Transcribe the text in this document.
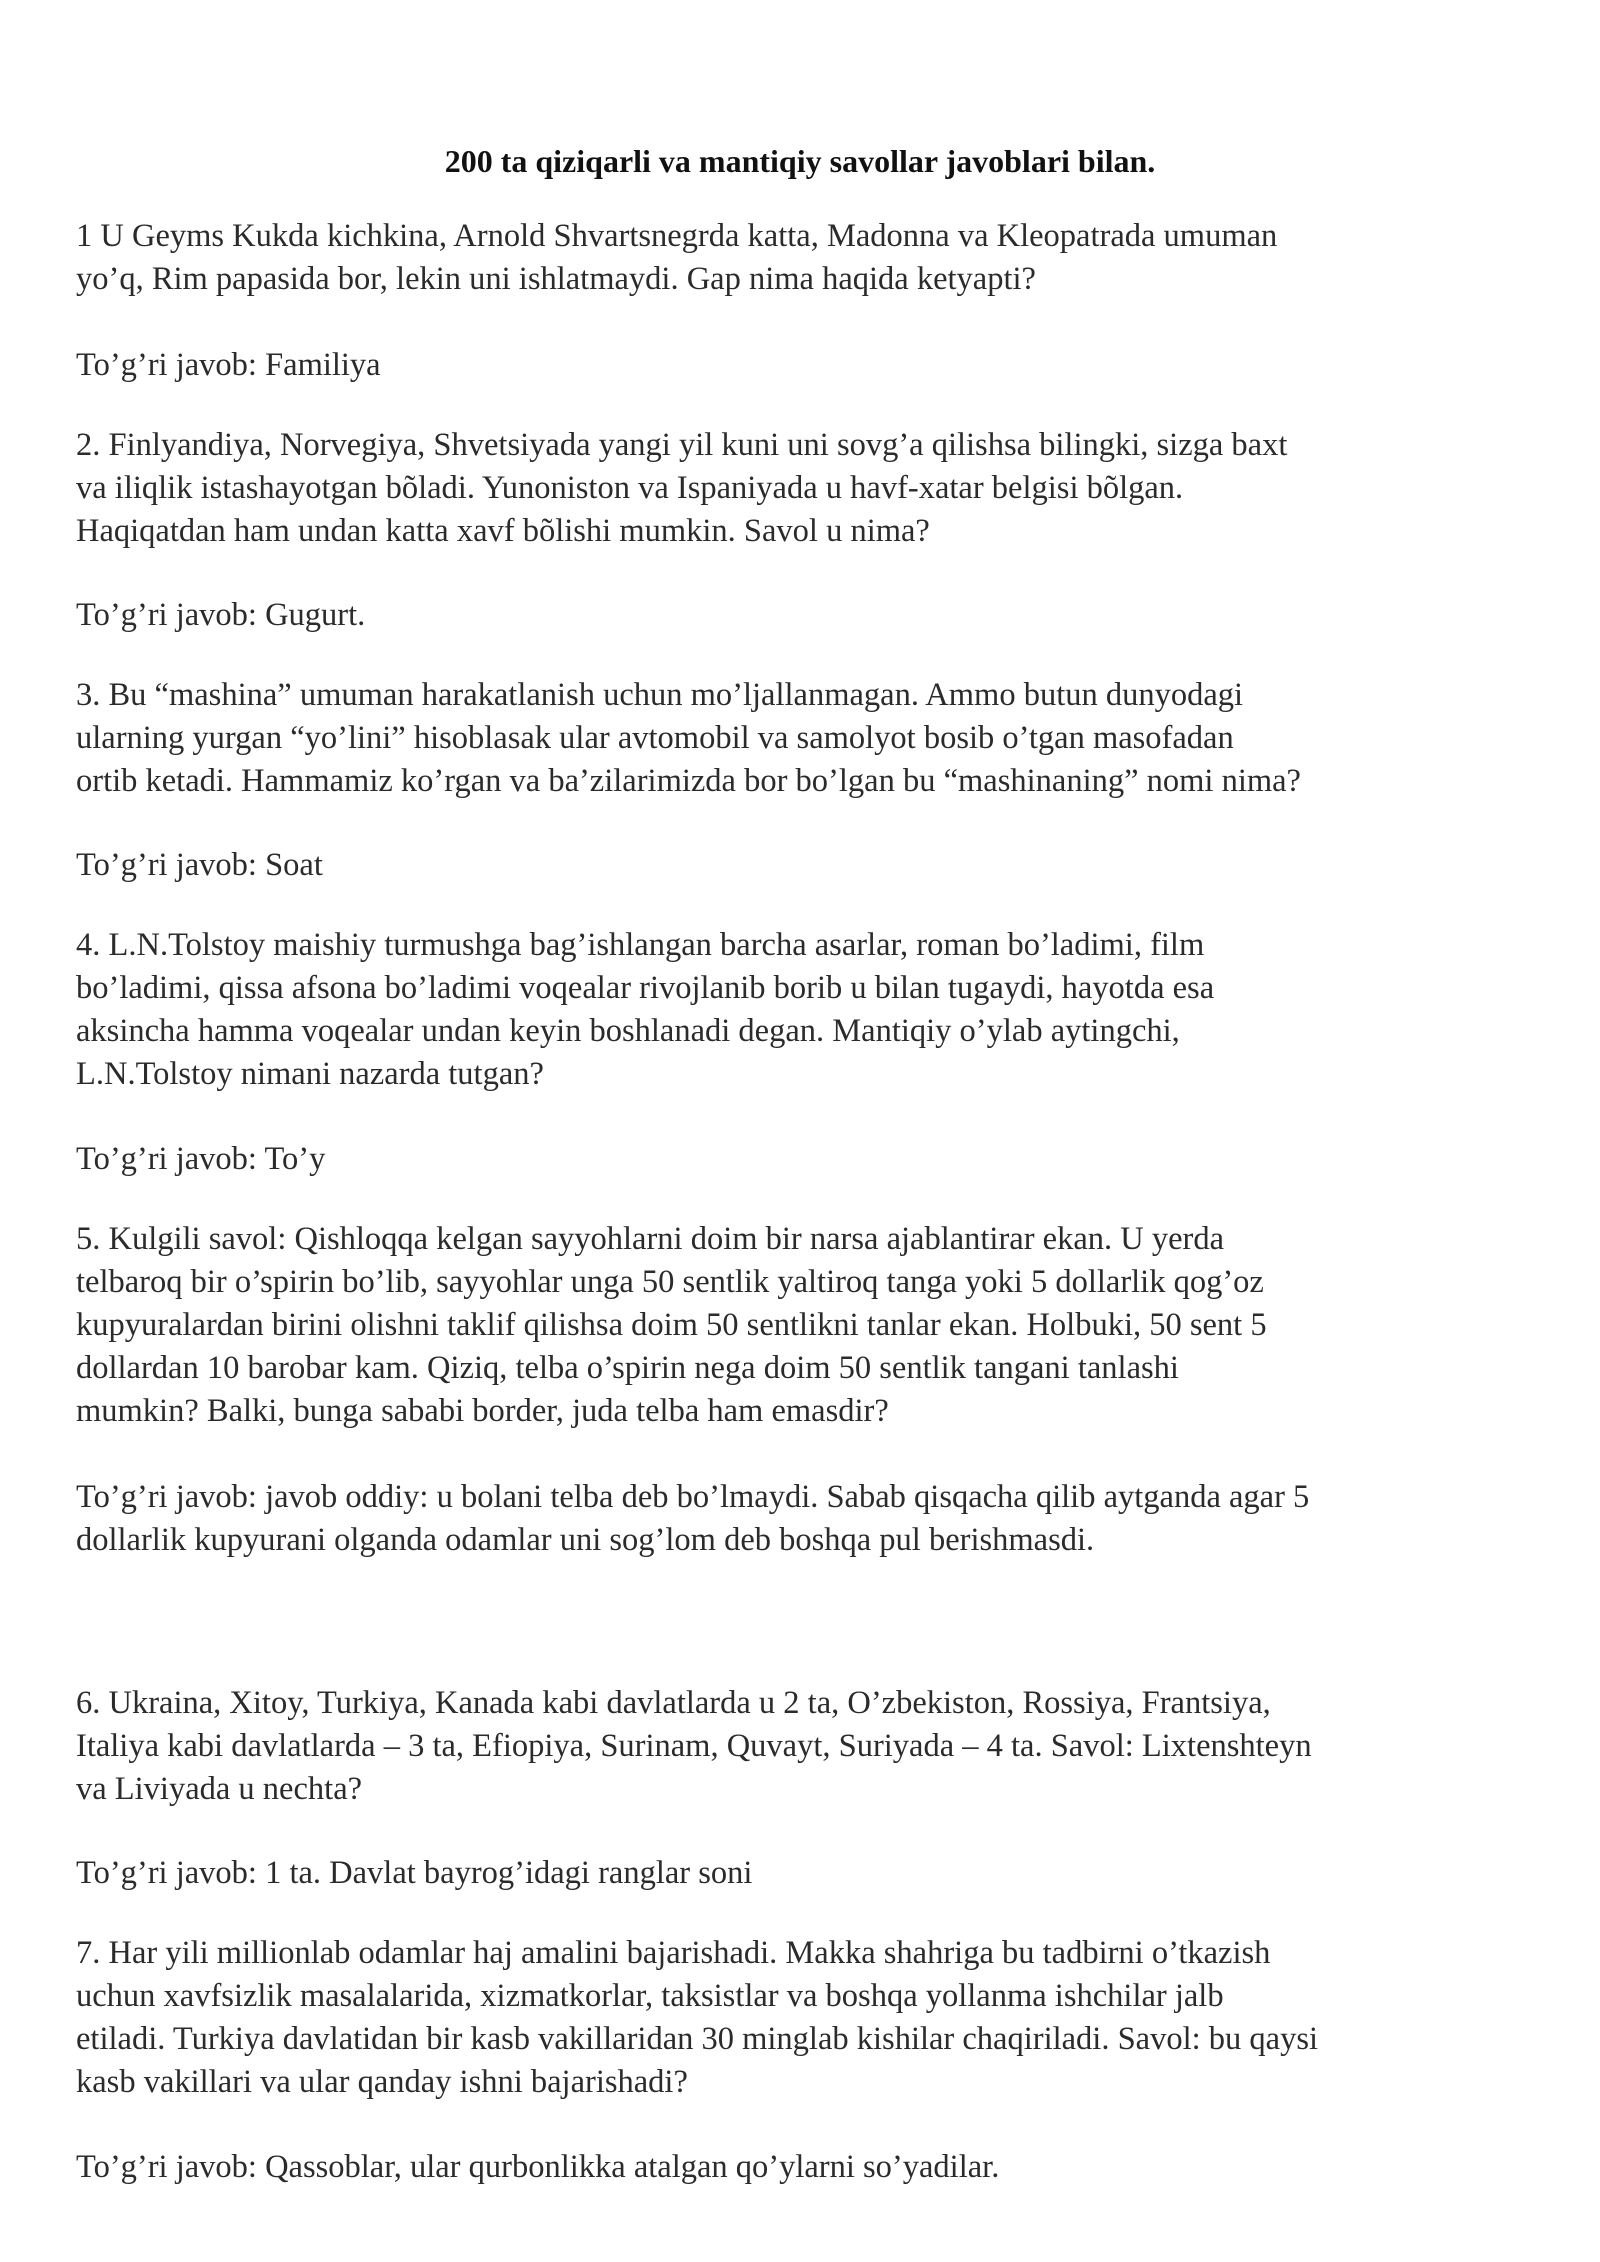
200 ta qiziqarli va mantiqiy savollar javoblari bilan.
1 U Geyms Kukda kichkina, Arnold Shvartsnegrda katta, Madonna va Kleopatrada umuman
yo’q, Rim papasida bor, lekin uni ishlatmaydi. Gap nima haqida ketyapti?
To’g’ri javob: Familiya
2. Finlyandiya, Norvegiya, Shvetsiyada yangi yil kuni uni sovg’a qilishsa bilingki, sizga baxt
va iliqlik istashayotgan bõladi. Yunoniston va Ispaniyada u havf-xatar belgisi bõlgan.
Haqiqatdan ham undan katta xavf bõlishi mumkin. Savol u nima?
To’g’ri javob: Gugurt.
3. Bu “mashina” umuman harakatlanish uchun mo’ljallanmagan. Ammo butun dunyodagi
ularning yurgan “yo’lini” hisoblasak ular avtomobil va samolyot bosib o’tgan masofadan
ortib ketadi. Hammamiz ko’rgan va ba’zilarimizda bor bo’lgan bu “mashinaning” nomi nima?
To’g’ri javob: Soat
4. L.N.Tolstoy maishiy turmushga bag’ishlangan barcha asarlar, roman bo’ladimi, film
bo’ladimi, qissa afsona bo’ladimi voqealar rivojlanib borib u bilan tugaydi, hayotda esa
aksincha hamma voqealar undan keyin boshlanadi degan. Mantiqiy o’ylab aytingchi,
L.N.Tolstoy nimani nazarda tutgan?
To’g’ri javob: To’y
5. Kulgili savol: Qishloqqa kelgan sayyohlarni doim bir narsa ajablantirar ekan. U yerda
telbaroq bir o’spirin bo’lib, sayyohlar unga 50 sentlik yaltiroq tanga yoki 5 dollarlik qog’oz
kupyuralardan birini olishni taklif qilishsa doim 50 sentlikni tanlar ekan. Holbuki, 50 sent 5
dollardan 10 barobar kam. Qiziq, telba o’spirin nega doim 50 sentlik tangani tanlashi
mumkin? Balki, bunga sababi border, juda telba ham emasdir?
To’g’ri javob: javob oddiy: u bolani telba deb bo’lmaydi. Sabab qisqacha qilib aytganda agar 5
dollarlik kupyurani olganda odamlar uni sog’lom deb boshqa pul berishmasdi.
6. Ukraina, Xitoy, Turkiya, Kanada kabi davlatlarda u 2 ta, O’zbekiston, Rossiya, Frantsiya,
Italiya kabi davlatlarda – 3 ta, Efiopiya, Surinam, Quvayt, Suriyada – 4 ta. Savol: Lixtenshteyn
va Liviyada u nechta?
To’g’ri javob: 1 ta. Davlat bayrog’idagi ranglar soni
7. Har yili millionlab odamlar haj amalini bajarishadi. Makka shahriga bu tadbirni o’tkazish
uchun xavfsizlik masalalarida, xizmatkorlar, taksistlar va boshqa yollanma ishchilar jalb
etiladi. Turkiya davlatidan bir kasb vakillaridan 30 minglab kishilar chaqiriladi. Savol: bu qaysi
kasb vakillari va ular qanday ishni bajarishadi?
To’g’ri javob: Qassoblar, ular qurbonlikka atalgan qo’ylarni so’yadilar.
